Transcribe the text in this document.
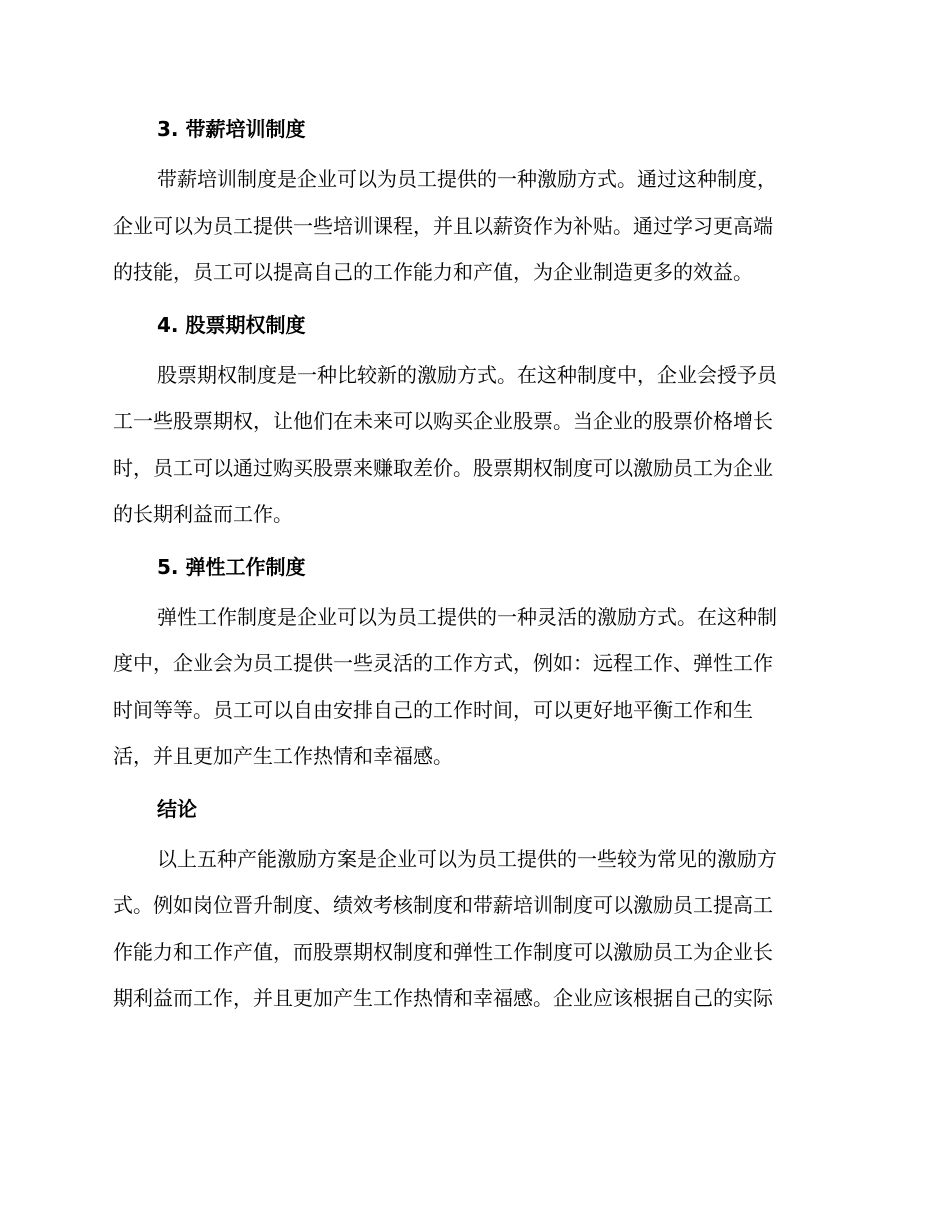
3. 带薪培训制度

带薪培训制度是企业可以为员工提供的一种激励方式。通过这种制度，
企业可以为员工提供一些培训课程，并且以薪资作为补贴。通过学习更高端
的技能，员工可以提高自己的工作能力和产值，为企业制造更多的效益。

4. 股票期权制度

股票期权制度是一种比较新的激励方式。在这种制度中，企业会授予员
工一些股票期权，让他们在未来可以购买企业股票。当企业的股票价格增长
时，员工可以通过购买股票来赚取差价。股票期权制度可以激励员工为企业
的长期利益而工作。

5. 弹性工作制度

弹性工作制度是企业可以为员工提供的一种灵活的激励方式。在这种制
度中，企业会为员工提供一些灵活的工作方式，例如：远程工作、弹性工作
时间等等。员工可以自由安排自己的工作时间，可以更好地平衡工作和生
活，并且更加产生工作热情和幸福感。

结论

以上五种产能激励方案是企业可以为员工提供的一些较为常见的激励方
式。例如岗位晋升制度、绩效考核制度和带薪培训制度可以激励员工提高工
作能力和工作产值，而股票期权制度和弹性工作制度可以激励员工为企业长
期利益而工作，并且更加产生工作热情和幸福感。企业应该根据自己的实际
